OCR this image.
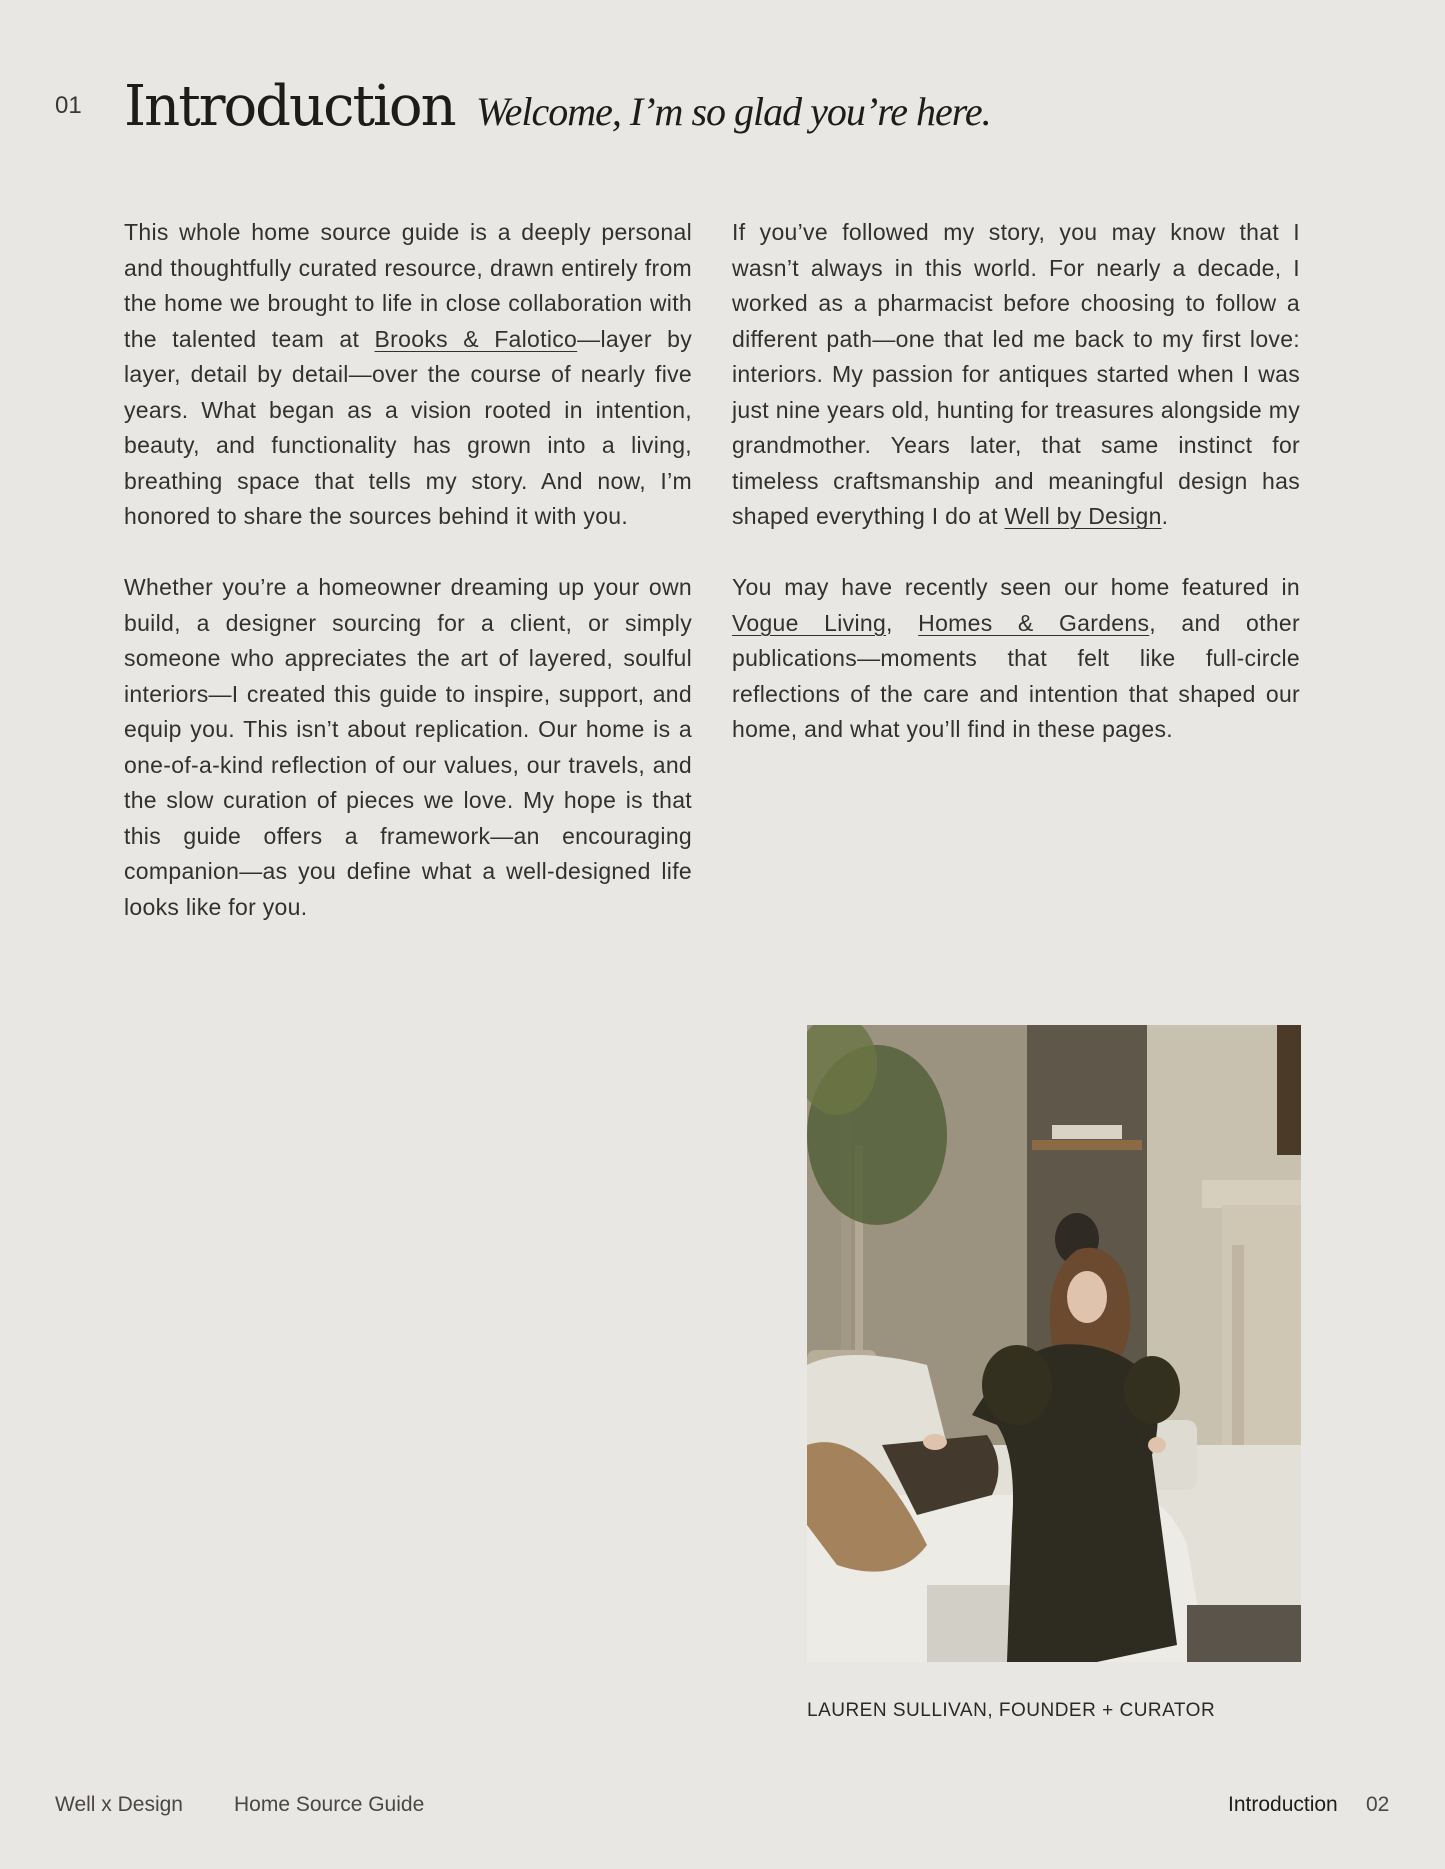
01 Introduction Welcome, I’m so glad you’re here.

This whole home source guide is a deeply personal and thoughtfully curated resource, drawn entirely from the home we brought to life in close collaboration with the talented team at Brooks & Falotico—layer by layer, detail by detail—over the course of nearly five years. What began as a vision rooted in intention, beauty, and functionality has grown into a living, breathing space that tells my story. And now, I’m honored to share the sources behind it with you.

Whether you’re a homeowner dreaming up your own build, a designer sourcing for a client, or simply someone who appreciates the art of layered, soulful interiors—I created this guide to inspire, support, and equip you. This isn’t about replication. Our home is a one-of-a-kind reflection of our values, our travels, and the slow curation of pieces we love. My hope is that this guide offers a framework—an encouraging companion—as you define what a well-designed life looks like for you.

If you’ve followed my story, you may know that I wasn’t always in this world. For nearly a decade, I worked as a pharmacist before choosing to follow a different path—one that led me back to my first love: interiors. My passion for antiques started when I was just nine years old, hunting for treasures alongside my grandmother. Years later, that same instinct for timeless craftsmanship and meaningful design has shaped everything I do at Well by Design.

You may have recently seen our home featured in Vogue Living, Homes & Gardens, and other publications—moments that felt like full-circle reflections of the care and intention that shaped our home, and what you’ll find in these pages.

LAUREN SULLIVAN, FOUNDER + CURATOR
Well x Design Home Source Guide	Introduction 02
